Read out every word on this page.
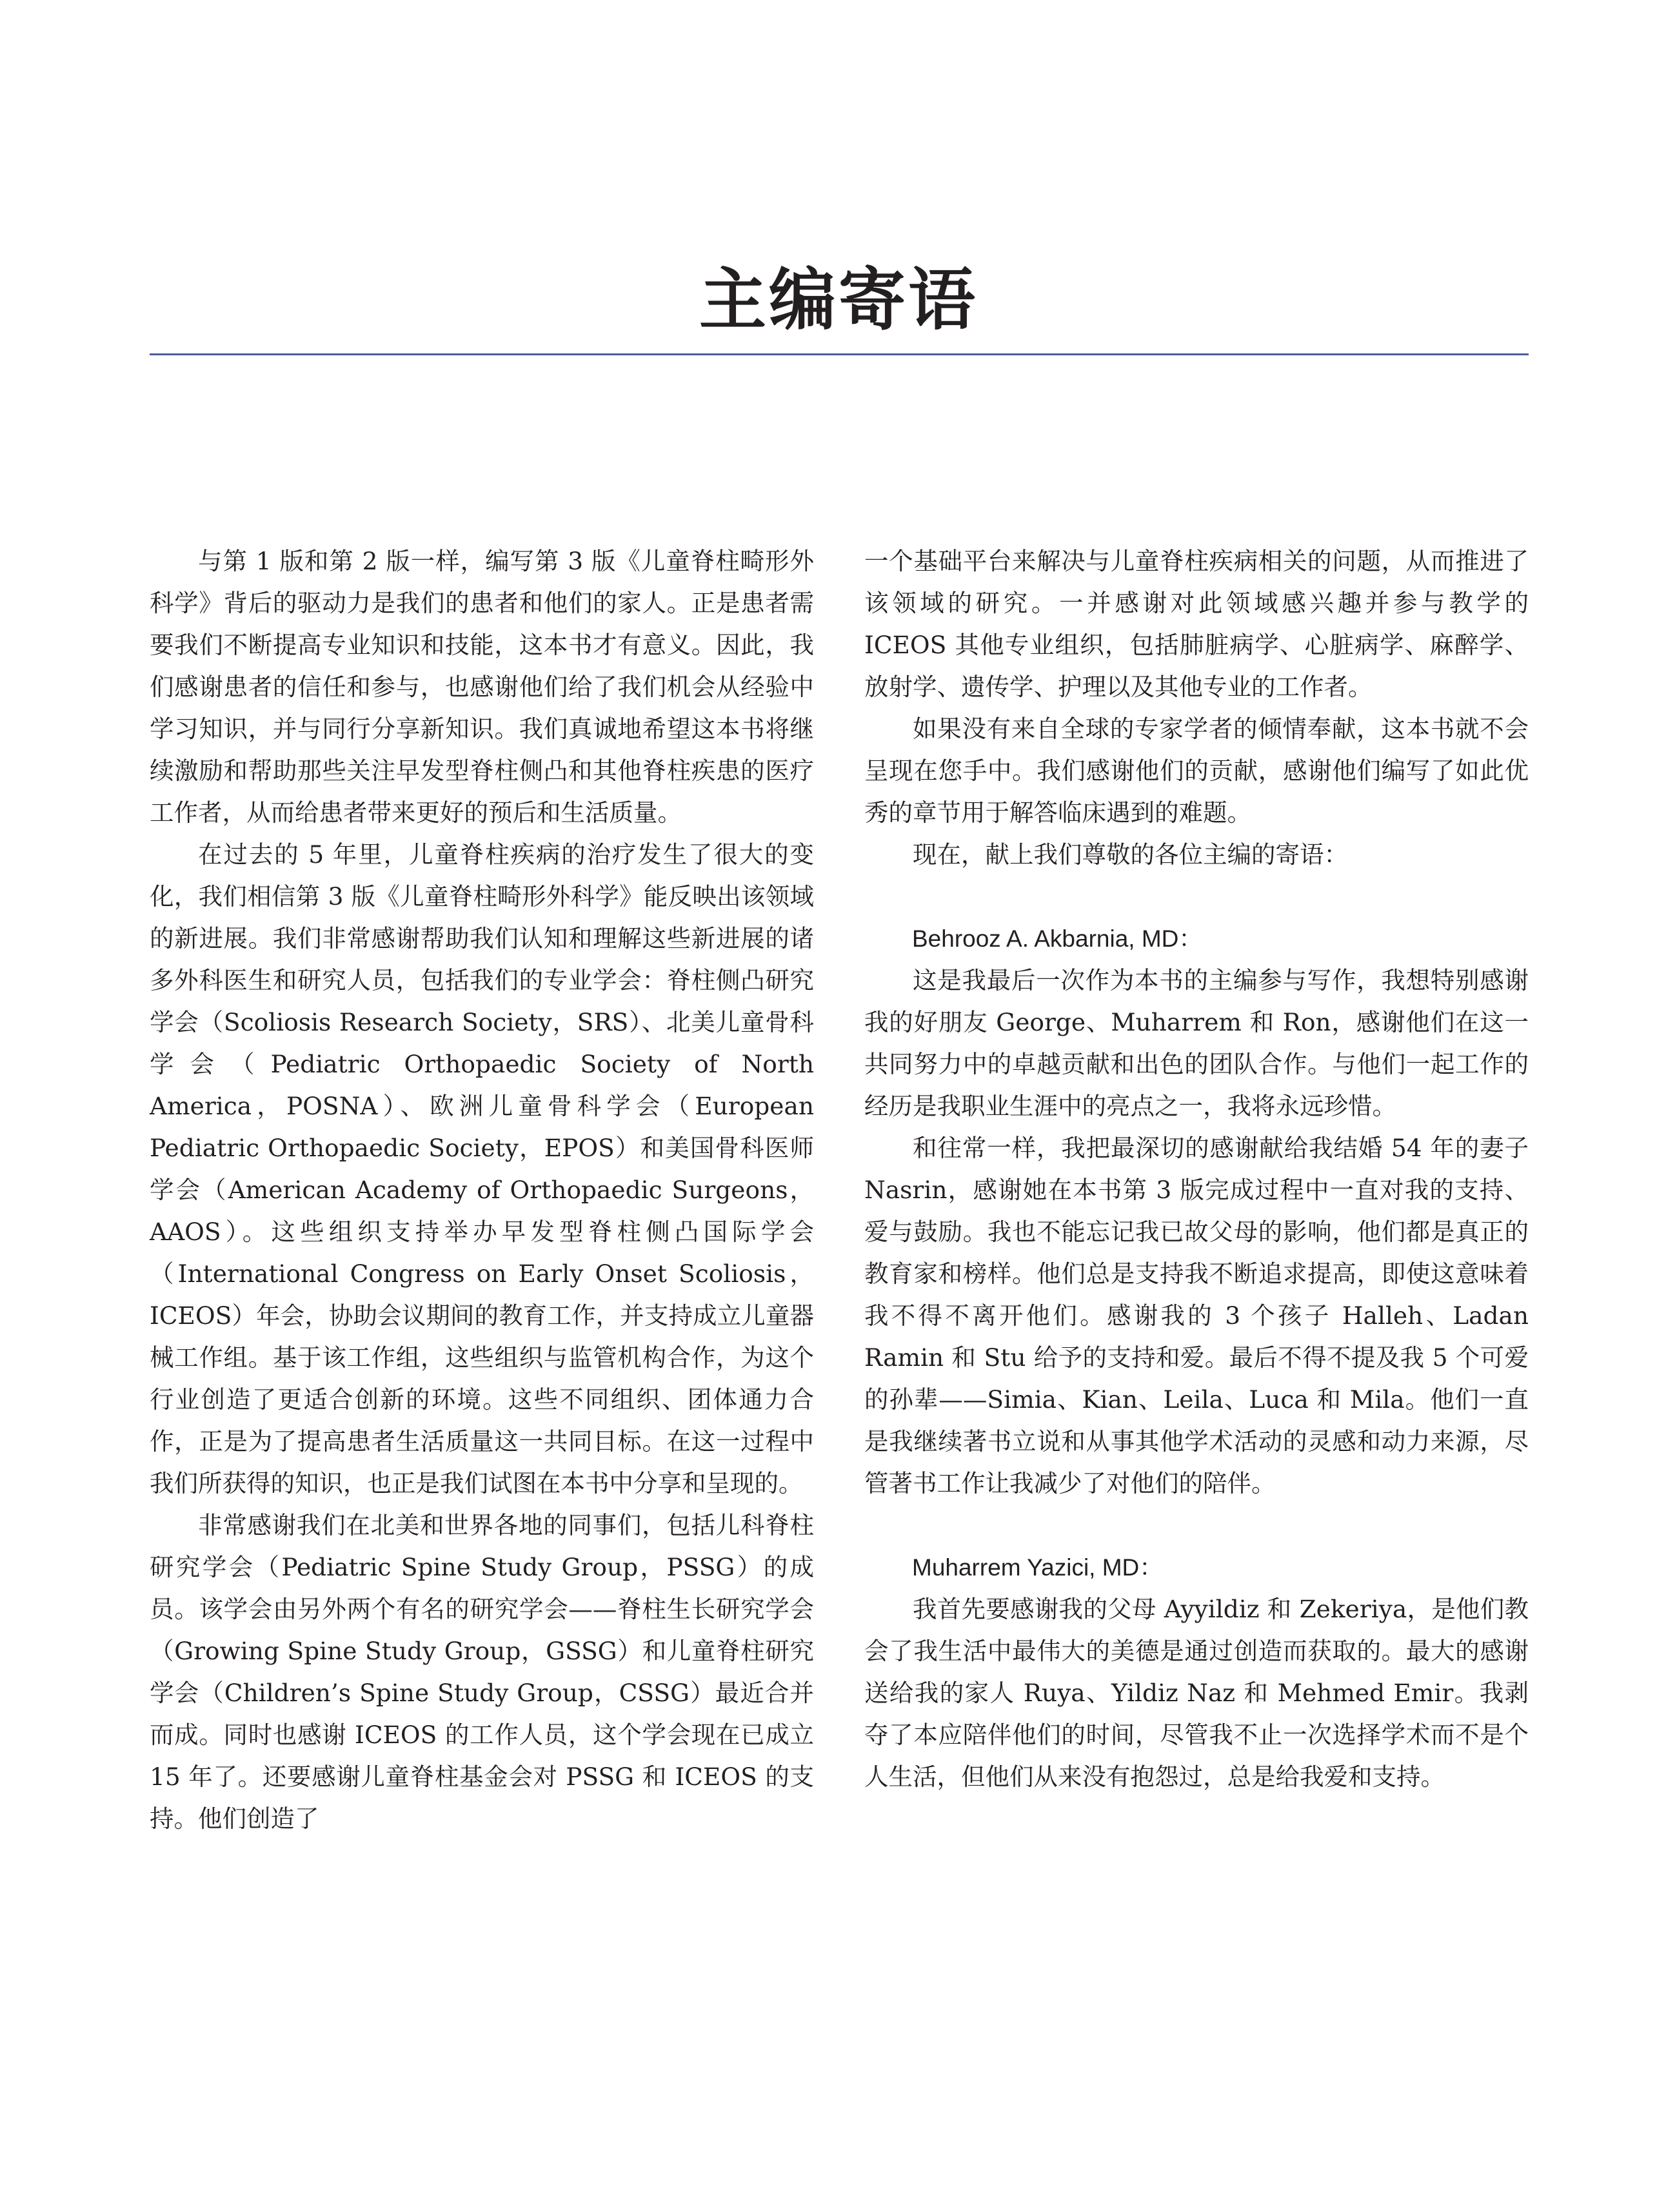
主编寄语

与第 1 版和第 2 版一样，编写第 3 版《儿童脊柱畸形外科学》背后的驱动力是我们的患者和他们的家人。正是患者需要我们不断提高专业知识和技能，这本书才有意义。因此，我们感谢患者的信任和参与，也感谢他们给了我们机会从经验中学习知识，并与同行分享新知识。我们真诚地希望这本书将继续激励和帮助那些关注早发型脊柱侧凸和其他脊柱疾患的医疗工作者，从而给患者带来更好的预后和生活质量。

在过去的 5 年里，儿童脊柱疾病的治疗发生了很大的变化，我们相信第 3 版《儿童脊柱畸形外科学》能反映出该领域的新进展。我们非常感谢帮助我们认知和理解这些新进展的诸多外科医生和研究人员，包括我们的专业学会：脊柱侧凸研究学会（Scoliosis Research Society，SRS）、北美儿童骨科学会（Pediatric Orthopaedic Society of North America，POSNA）、欧洲儿童骨科学会（European Pediatric Orthopaedic Society，EPOS）和美国骨科医师学会（American Academy of Orthopaedic Surgeons，AAOS）。这些组织支持举办早发型脊柱侧凸国际学会（International Congress on Early Onset Scoliosis，ICEOS）年会，协助会议期间的教育工作，并支持成立儿童器械工作组。基于该工作组，这些组织与监管机构合作，为这个行业创造了更适合创新的环境。这些不同组织、团体通力合作，正是为了提高患者生活质量这一共同目标。在这一过程中我们所获得的知识，也正是我们试图在本书中分享和呈现的。

非常感谢我们在北美和世界各地的同事们，包括儿科脊柱研究学会（Pediatric Spine Study Group，PSSG）的成员。该学会由另外两个有名的研究学会——脊柱生长研究学会（Growing Spine Study Group，GSSG）和儿童脊柱研究学会（Children’s Spine Study Group，CSSG）最近合并而成。同时也感谢 ICEOS 的工作人员，这个学会现在已成立 15 年了。还要感谢儿童脊柱基金会对 PSSG 和 ICEOS 的支持。他们创造了

一个基础平台来解决与儿童脊柱疾病相关的问题，从而推进了该领域的研究。一并感谢对此领域感兴趣并参与教学的 ICEOS 其他专业组织，包括肺脏病学、心脏病学、麻醉学、放射学、遗传学、护理以及其他专业的工作者。

如果没有来自全球的专家学者的倾情奉献，这本书就不会呈现在您手中。我们感谢他们的贡献，感谢他们编写了如此优秀的章节用于解答临床遇到的难题。

现在，献上我们尊敬的各位主编的寄语：

Behrooz A. Akbarnia, MD：

这是我最后一次作为本书的主编参与写作，我想特别感谢我的好朋友 George、Muharrem 和 Ron，感谢他们在这一共同努力中的卓越贡献和出色的团队合作。与他们一起工作的经历是我职业生涯中的亮点之一，我将永远珍惜。

和往常一样，我把最深切的感谢献给我结婚 54 年的妻子 Nasrin，感谢她在本书第 3 版完成过程中一直对我的支持、爱与鼓励。我也不能忘记我已故父母的影响，他们都是真正的教育家和榜样。他们总是支持我不断追求提高，即使这意味着我不得不离开他们。感谢我的 3 个孩子 Halleh、Ladan Ramin 和 Stu 给予的支持和爱。最后不得不提及我 5 个可爱的孙辈——Simia、Kian、Leila、Luca 和 Mila。他们一直是我继续著书立说和从事其他学术活动的灵感和动力来源，尽管著书工作让我减少了对他们的陪伴。

Muharrem Yazici, MD：

我首先要感谢我的父母 Ayyildiz 和 Zekeriya，是他们教会了我生活中最伟大的美德是通过创造而获取的。最大的感谢送给我的家人 Ruya、Yildiz Naz 和 Mehmed Emir。我剥夺了本应陪伴他们的时间，尽管我不止一次选择学术而不是个人生活，但他们从来没有抱怨过，总是给我爱和支持。
